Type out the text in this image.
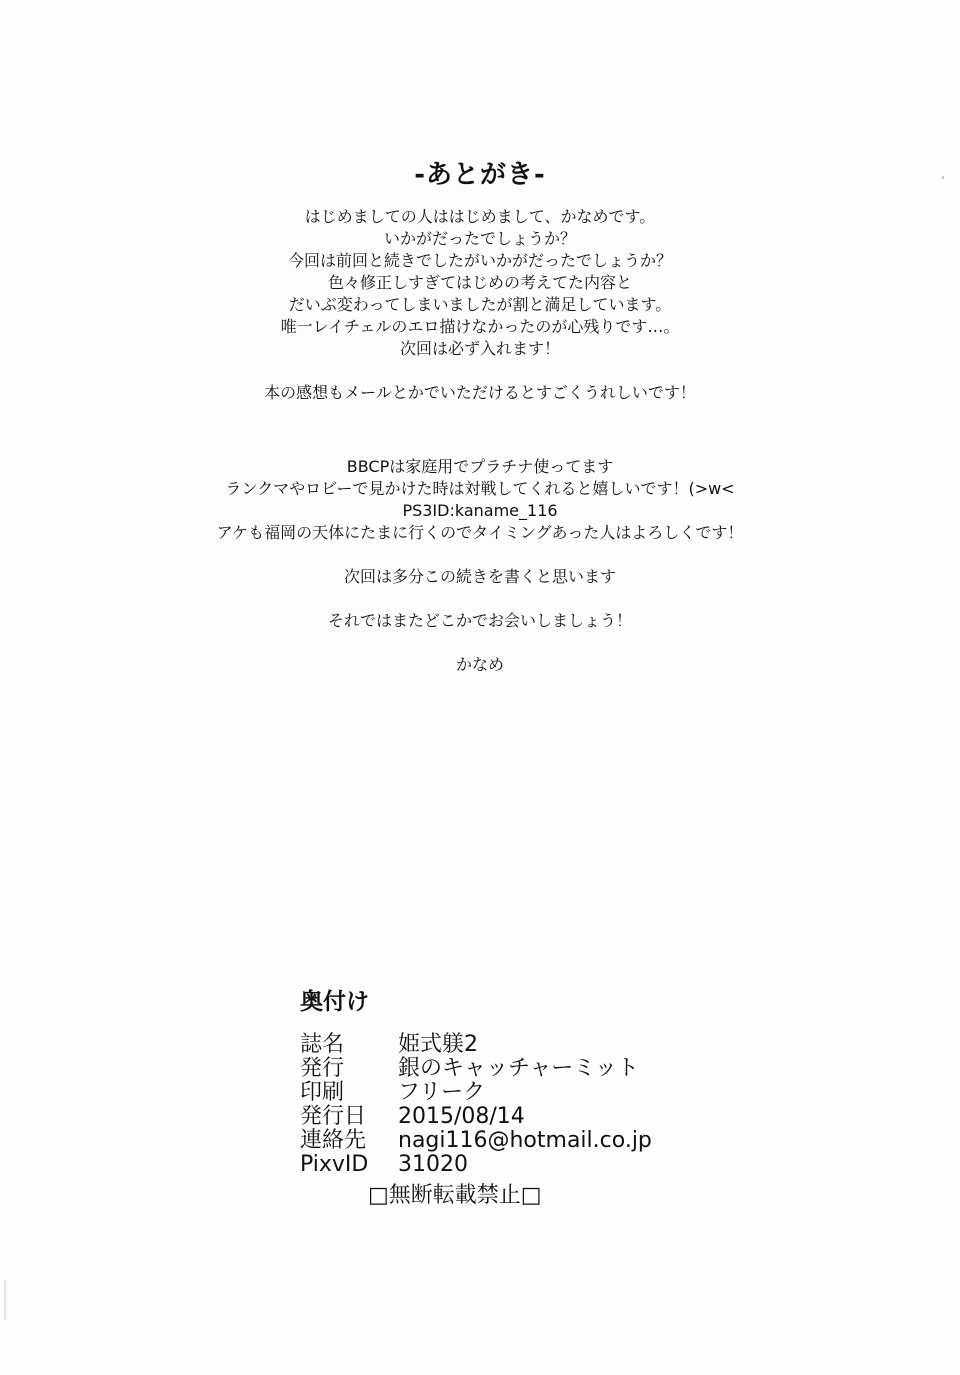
-あとがき-

はじめましての人ははじめまして、かなめです。

いかがだったでしょうか？

今回は前回と続きでしたがいかがだったでしょうか？

色々修正しすぎてはじめの考えてた内容と

だいぶ変わってしまいましたが割と満足しています。

唯一レイチェルのエロ描けなかったのが心残りです…。

次回は必ず入れます！

本の感想もメールとかでいただけるとすごくうれしいです！

BBCPは家庭用でプラチナ使ってます

ランクマやロビーで見かけた時は対戦してくれると嬉しいです！(>w<

PS3ID:kaname_116

アケも福岡の天体にたまに行くのでタイミングあった人はよろしくです！

次回は多分この続きを書くと思います

それではまたどこかでお会いしましょう！

かなめ

奥付け
誌名	姫式躾2
発行	銀のキャッチャーミット
印刷	フリーク
発行日	2015/08/14
連絡先	nagi116@hotmail.co.jp
PixvID	31020

□無断転載禁止□
